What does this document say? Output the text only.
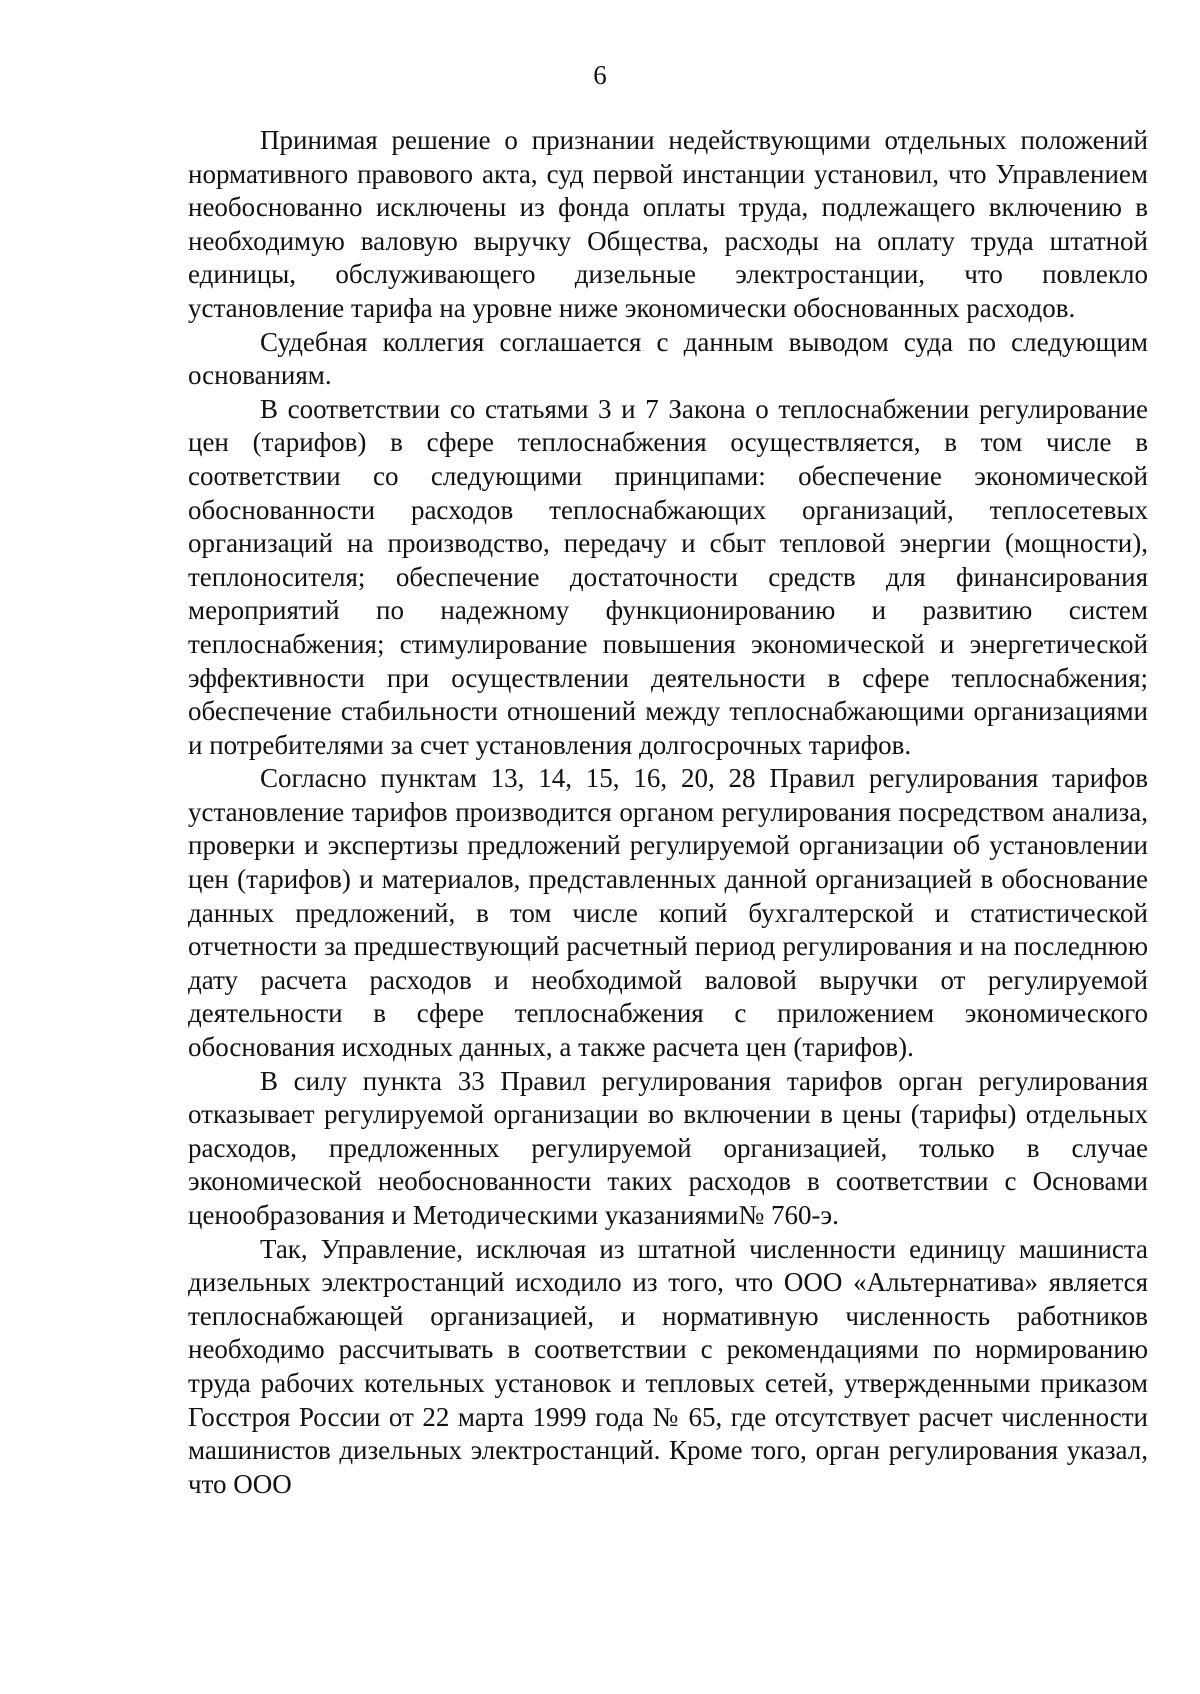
6

Принимая решение о признании недействующими отдельных положений нормативного правового акта, суд первой инстанции установил, что Управлением необоснованно исключены из фонда оплаты труда, подлежащего включению в необходимую валовую выручку Общества, расходы на оплату труда штатной единицы, обслуживающего дизельные электростанции, что повлекло установление тарифа на уровне ниже экономически обоснованных расходов.

Судебная коллегия соглашается с данным выводом суда по следующим основаниям.

В соответствии со статьями 3 и 7 Закона о теплоснабжении регулирование цен (тарифов) в сфере теплоснабжения осуществляется, в том числе в соответствии со следующими принципами: обеспечение экономической обоснованности расходов теплоснабжающих организаций, теплосетевых организаций на производство, передачу и сбыт тепловой энергии (мощности), теплоносителя; обеспечение достаточности средств для финансирования мероприятий по надежному функционированию и развитию систем теплоснабжения; стимулирование повышения экономической и энергетической эффективности при осуществлении деятельности в сфере теплоснабжения; обеспечение стабильности отношений между теплоснабжающими организациями и потребителями за счет установления долгосрочных тарифов.

Согласно пунктам 13, 14, 15, 16, 20, 28 Правил регулирования тарифов установление тарифов производится органом регулирования посредством анализа, проверки и экспертизы предложений регулируемой организации об установлении цен (тарифов) и материалов, представленных данной организацией в обоснование данных предложений, в том числе копий бухгалтерской и статистической отчетности за предшествующий расчетный период регулирования и на последнюю дату расчета расходов и необходимой валовой выручки от регулируемой деятельности в сфере теплоснабжения с приложением экономического обоснования исходных данных, а также расчета цен (тарифов).

В силу пункта 33 Правил регулирования тарифов орган регулирования отказывает регулируемой организации во включении в цены (тарифы) отдельных расходов, предложенных регулируемой организацией, только в случае экономической необоснованности таких расходов в соответствии с Основами ценообразования и Методическими указаниями№ 760-э.

Так, Управление, исключая из штатной численности единицу машиниста дизельных электростанций исходило из того, что ООО «Альтернатива» является теплоснабжающей организацией, и нормативную численность работников необходимо рассчитывать в соответствии с рекомендациями по нормированию труда рабочих котельных установок и тепловых сетей, утвержденными приказом Госстроя России от 22 марта 1999 года № 65, где отсутствует расчет численности машинистов дизельных электростанций. Кроме того, орган регулирования указал, что ООО
